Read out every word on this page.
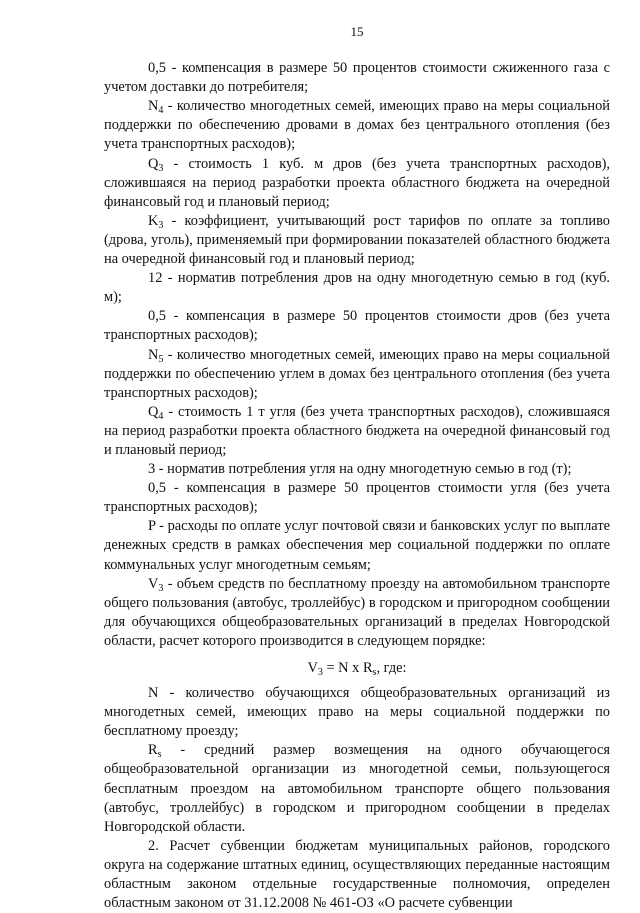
15

0,5 - компенсация в размере 50 процентов стоимости сжиженного газа с учетом доставки до потребителя;

$N_4$ - количество многодетных семей, имеющих право на меры социальной поддержки по обеспечению дровами в домах без центрального отопления (без учета транспортных расходов);

$Q_3$ - стоимость 1 куб. м дров (без учета транспортных расходов), сложившаяся на период разработки проекта областного бюджета на очередной финансовый год и плановый период;

$K_3$ - коэффициент, учитывающий рост тарифов по оплате за топливо (дрова, уголь), применяемый при формировании показателей областного бюджета на очередной финансовый год и плановый период;

12 - норматив потребления дров на одну многодетную семью в год (куб. м);

0,5 - компенсация в размере 50 процентов стоимости дров (без учета транспортных расходов);

$N_5$ - количество многодетных семей, имеющих право на меры социальной поддержки по обеспечению углем в домах без центрального отопления (без учета транспортных расходов);

$Q_4$ - стоимость 1 т угля (без учета транспортных расходов), сложившаяся на период разработки проекта областного бюджета на очередной финансовый год и плановый период;

3 - норматив потребления угля на одну многодетную семью в год (т);

0,5 - компенсация в размере 50 процентов стоимости угля (без учета транспортных расходов);

P - расходы по оплате услуг почтовой связи и банковских услуг по выплате денежных средств в рамках обеспечения мер социальной поддержки по оплате коммунальных услуг многодетным семьям;

$V_3$ - объем средств по бесплатному проезду на автомобильном транспорте общего пользования (автобус, троллейбус) в городском и пригородном сообщении для обучающихся общеобразовательных организаций в пределах Новгородской области, расчет которого производится в следующем порядке:

$V_3 = N$ x $R_s$, где:

N - количество обучающихся общеобразовательных организаций из многодетных семей, имеющих право на меры социальной поддержки по бесплатному проезду;

$R_s$ - средний размер возмещения на одного обучающегося общеобразовательной организации из многодетной семьи, пользующегося бесплатным проездом на автомобильном транспорте общего пользования (автобус, троллейбус) в городском и пригородном сообщении в пределах Новгородской области.

2. Расчет субвенции бюджетам муниципальных районов, городского округа на содержание штатных единиц, осуществляющих переданные настоящим областным законом отдельные государственные полномочия, определен областным законом от 31.12.2008 № 461-ОЗ «О расчете субвенции
